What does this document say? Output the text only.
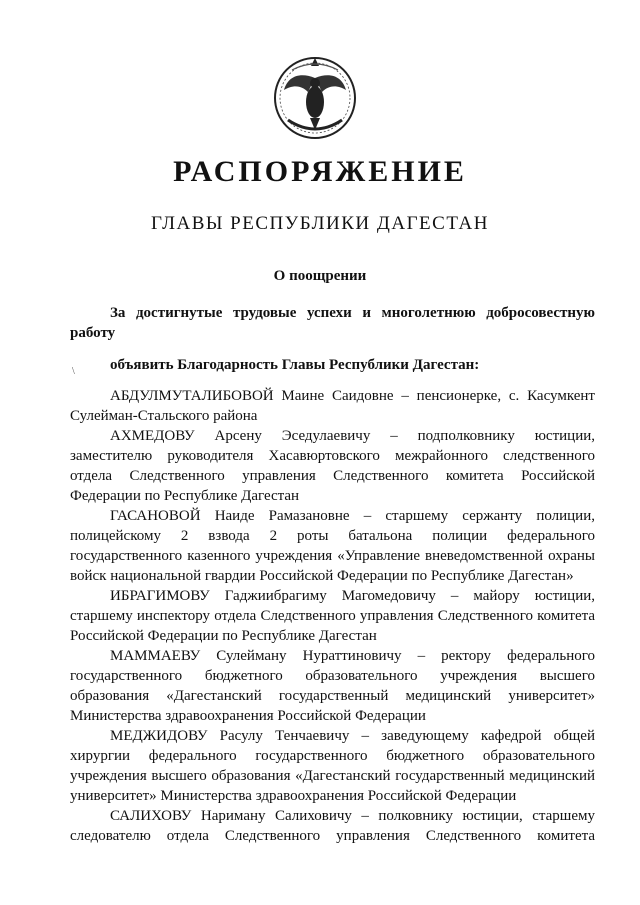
РАСПОРЯЖЕНИЕ
ГЛАВЫ РЕСПУБЛИКИ ДАГЕСТАН
О поощрении
За достигнутые трудовые успехи и многолетнюю добросовестную работу
\ объявить Благодарность Главы Республики Дагестан:

АБДУЛМУТАЛИБОВОЙ Маине Саидовне – пенсионерке, с. Касумкент Сулейман-Стальского района

АХМЕДОВУ Арсену Эседулаевичу – подполковнику юстиции, заместителю руководителя Хасавюртовского межрайонного следственного отдела Следственного управления Следственного комитета Российской Федерации по Республике Дагестан

ГАСАНОВОЙ Наиде Рамазановне – старшему сержанту полиции, полицейскому 2 взвода 2 роты батальона полиции федерального государственного казенного учреждения «Управление вневедомственной охраны войск национальной гвардии Российской Федерации по Республике Дагестан»

ИБРАГИМОВУ Гаджиибрагиму Магомедовичу – майору юстиции, старшему инспектору отдела Следственного управления Следственного комитета Российской Федерации по Республике Дагестан

МАММАЕВУ Сулейману Нураттиновичу – ректору федерального государственного бюджетного образовательного учреждения высшего образования «Дагестанский государственный медицинский университет» Министерства здравоохранения Российской Федерации

МЕДЖИДОВУ Расулу Тенчаевичу – заведующему кафедрой общей хирургии федерального государственного бюджетного образовательного учреждения высшего образования «Дагестанский государственный медицинский университет» Министерства здравоохранения Российской Федерации

САЛИХОВУ Нариману Салиховичу – полковнику юстиции, старшему следователю отдела Следственного управления Следственного комитета
